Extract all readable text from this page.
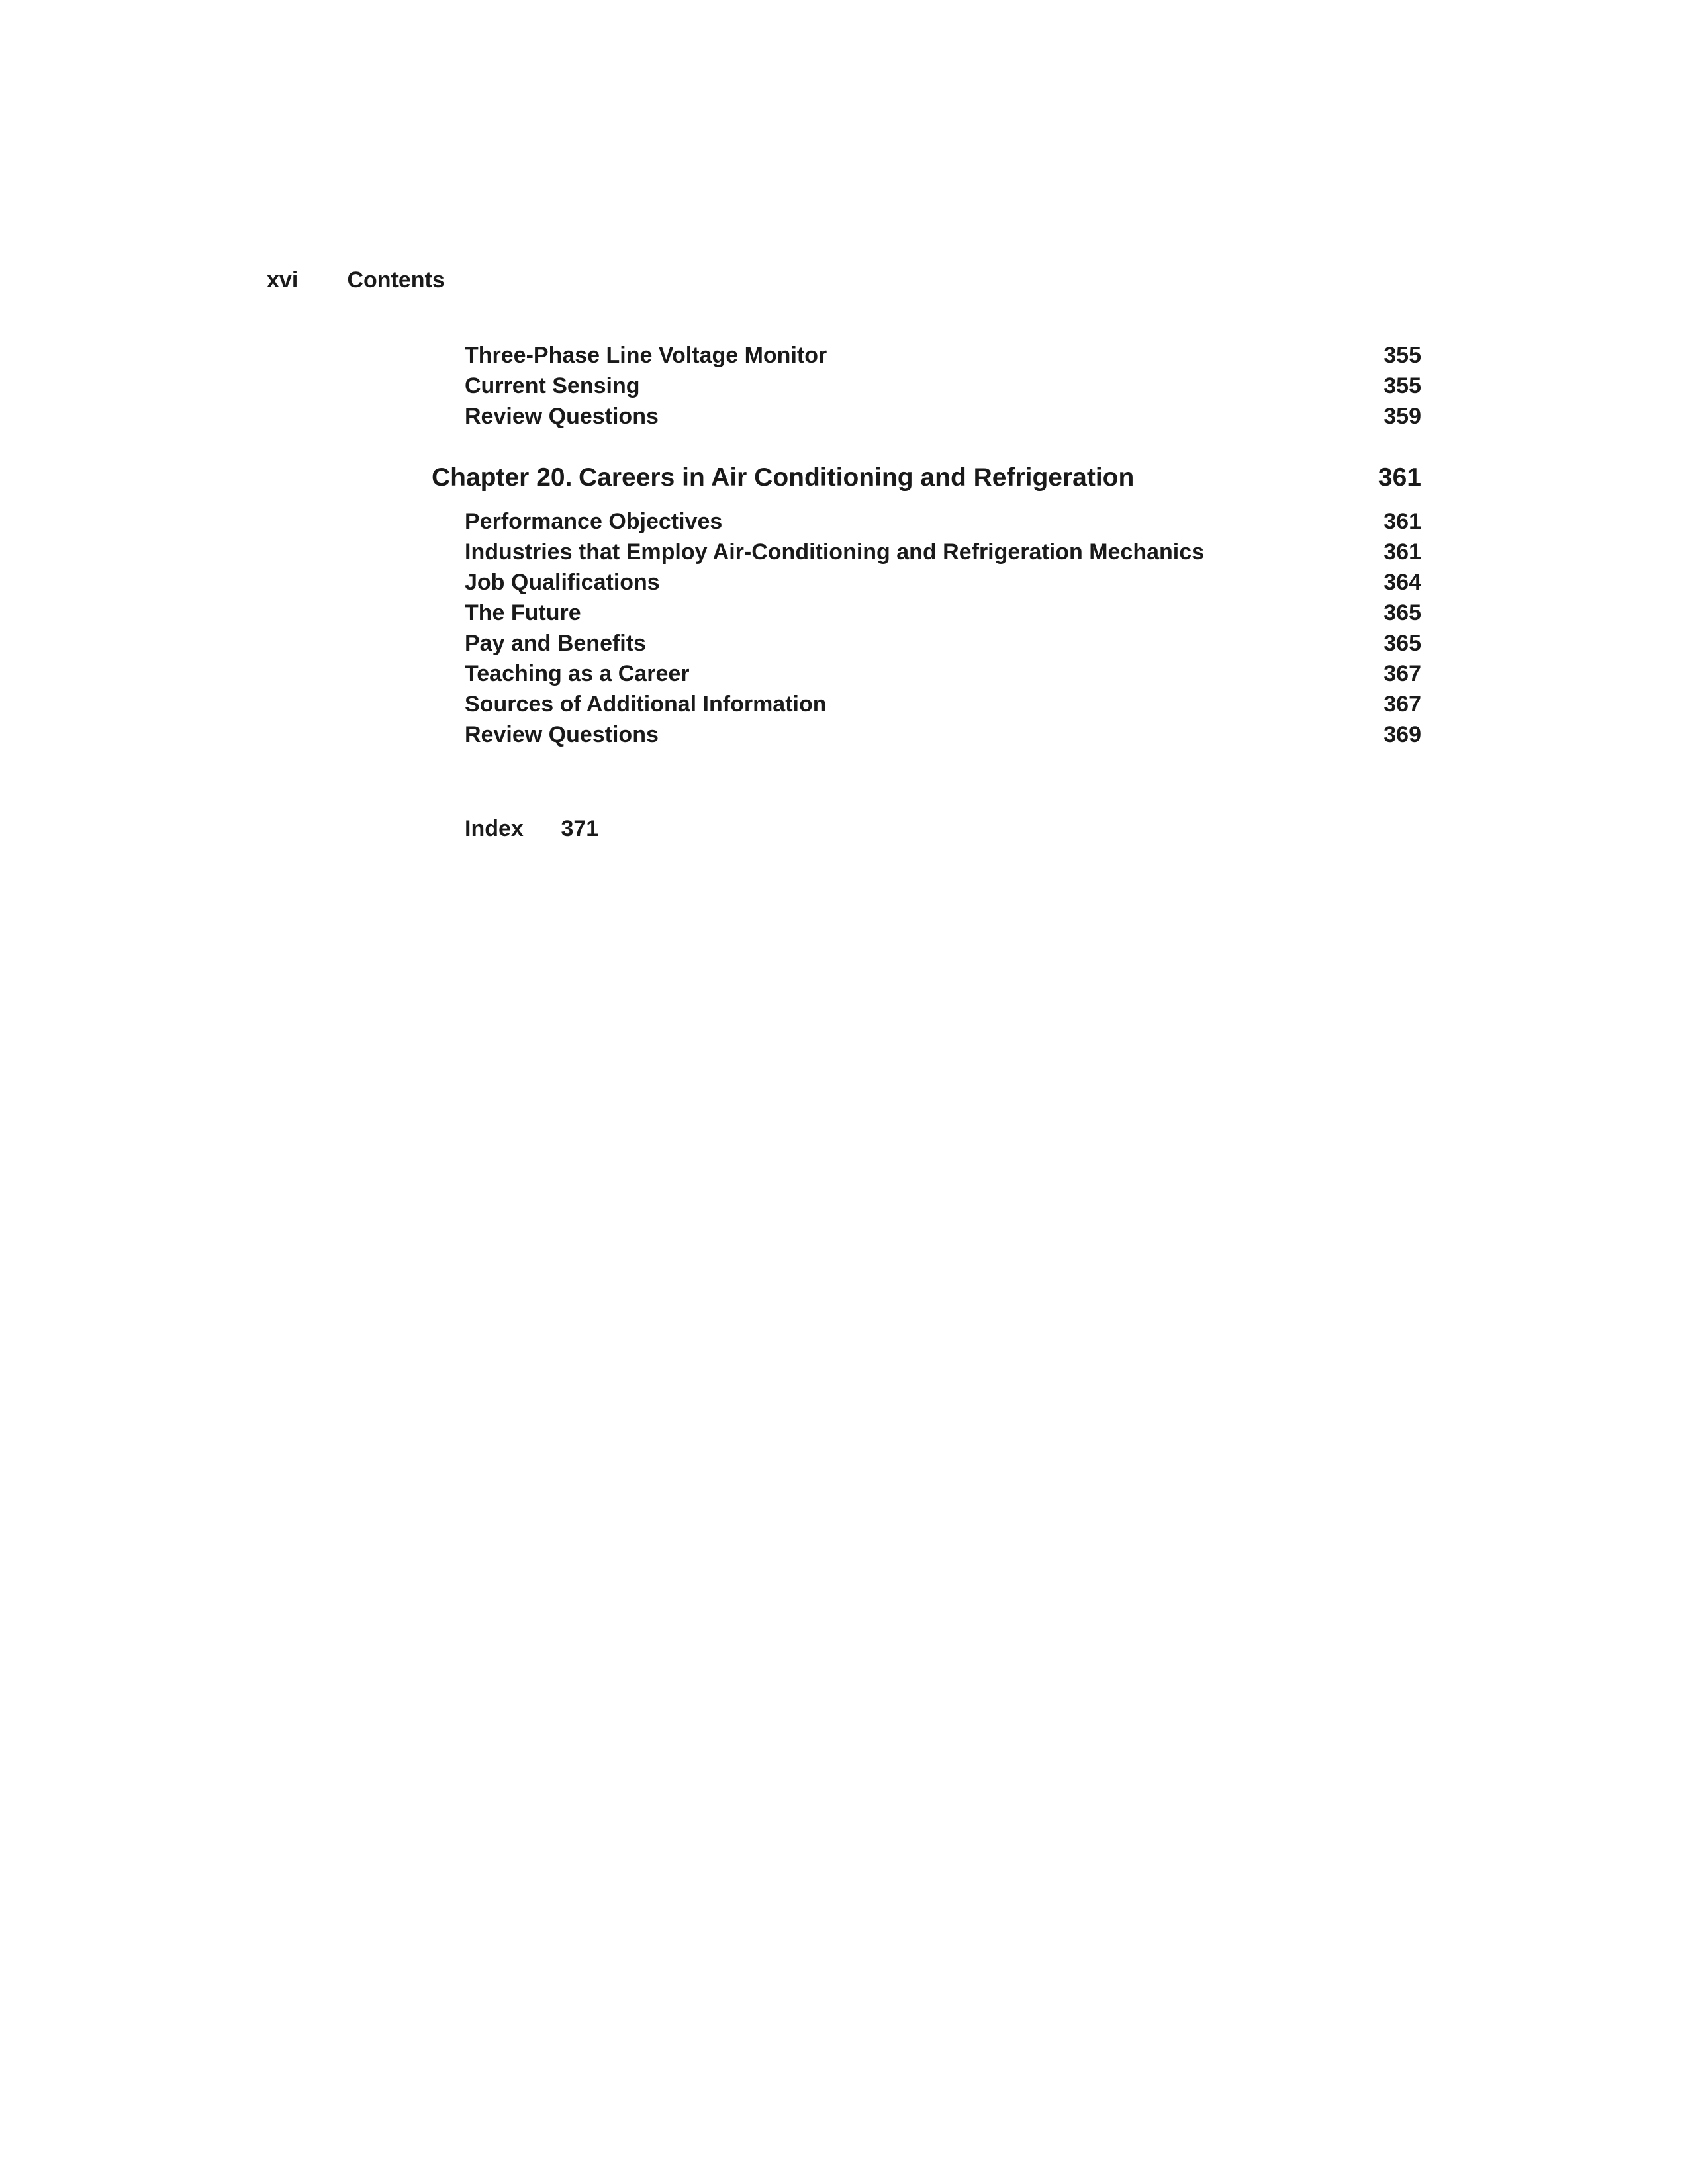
xvi Contents
Three-Phase Line Voltage Monitor	355
Current Sensing	355
Review Questions	359
Chapter 20. Careers in Air Conditioning and Refrigeration	361
Performance Objectives	361
Industries that Employ Air-Conditioning and Refrigeration Mechanics	361
Job Qualifications	364
The Future	365
Pay and Benefits	365
Teaching as a Career	367
Sources of Additional Information	367
Review Questions	369
Index 371
